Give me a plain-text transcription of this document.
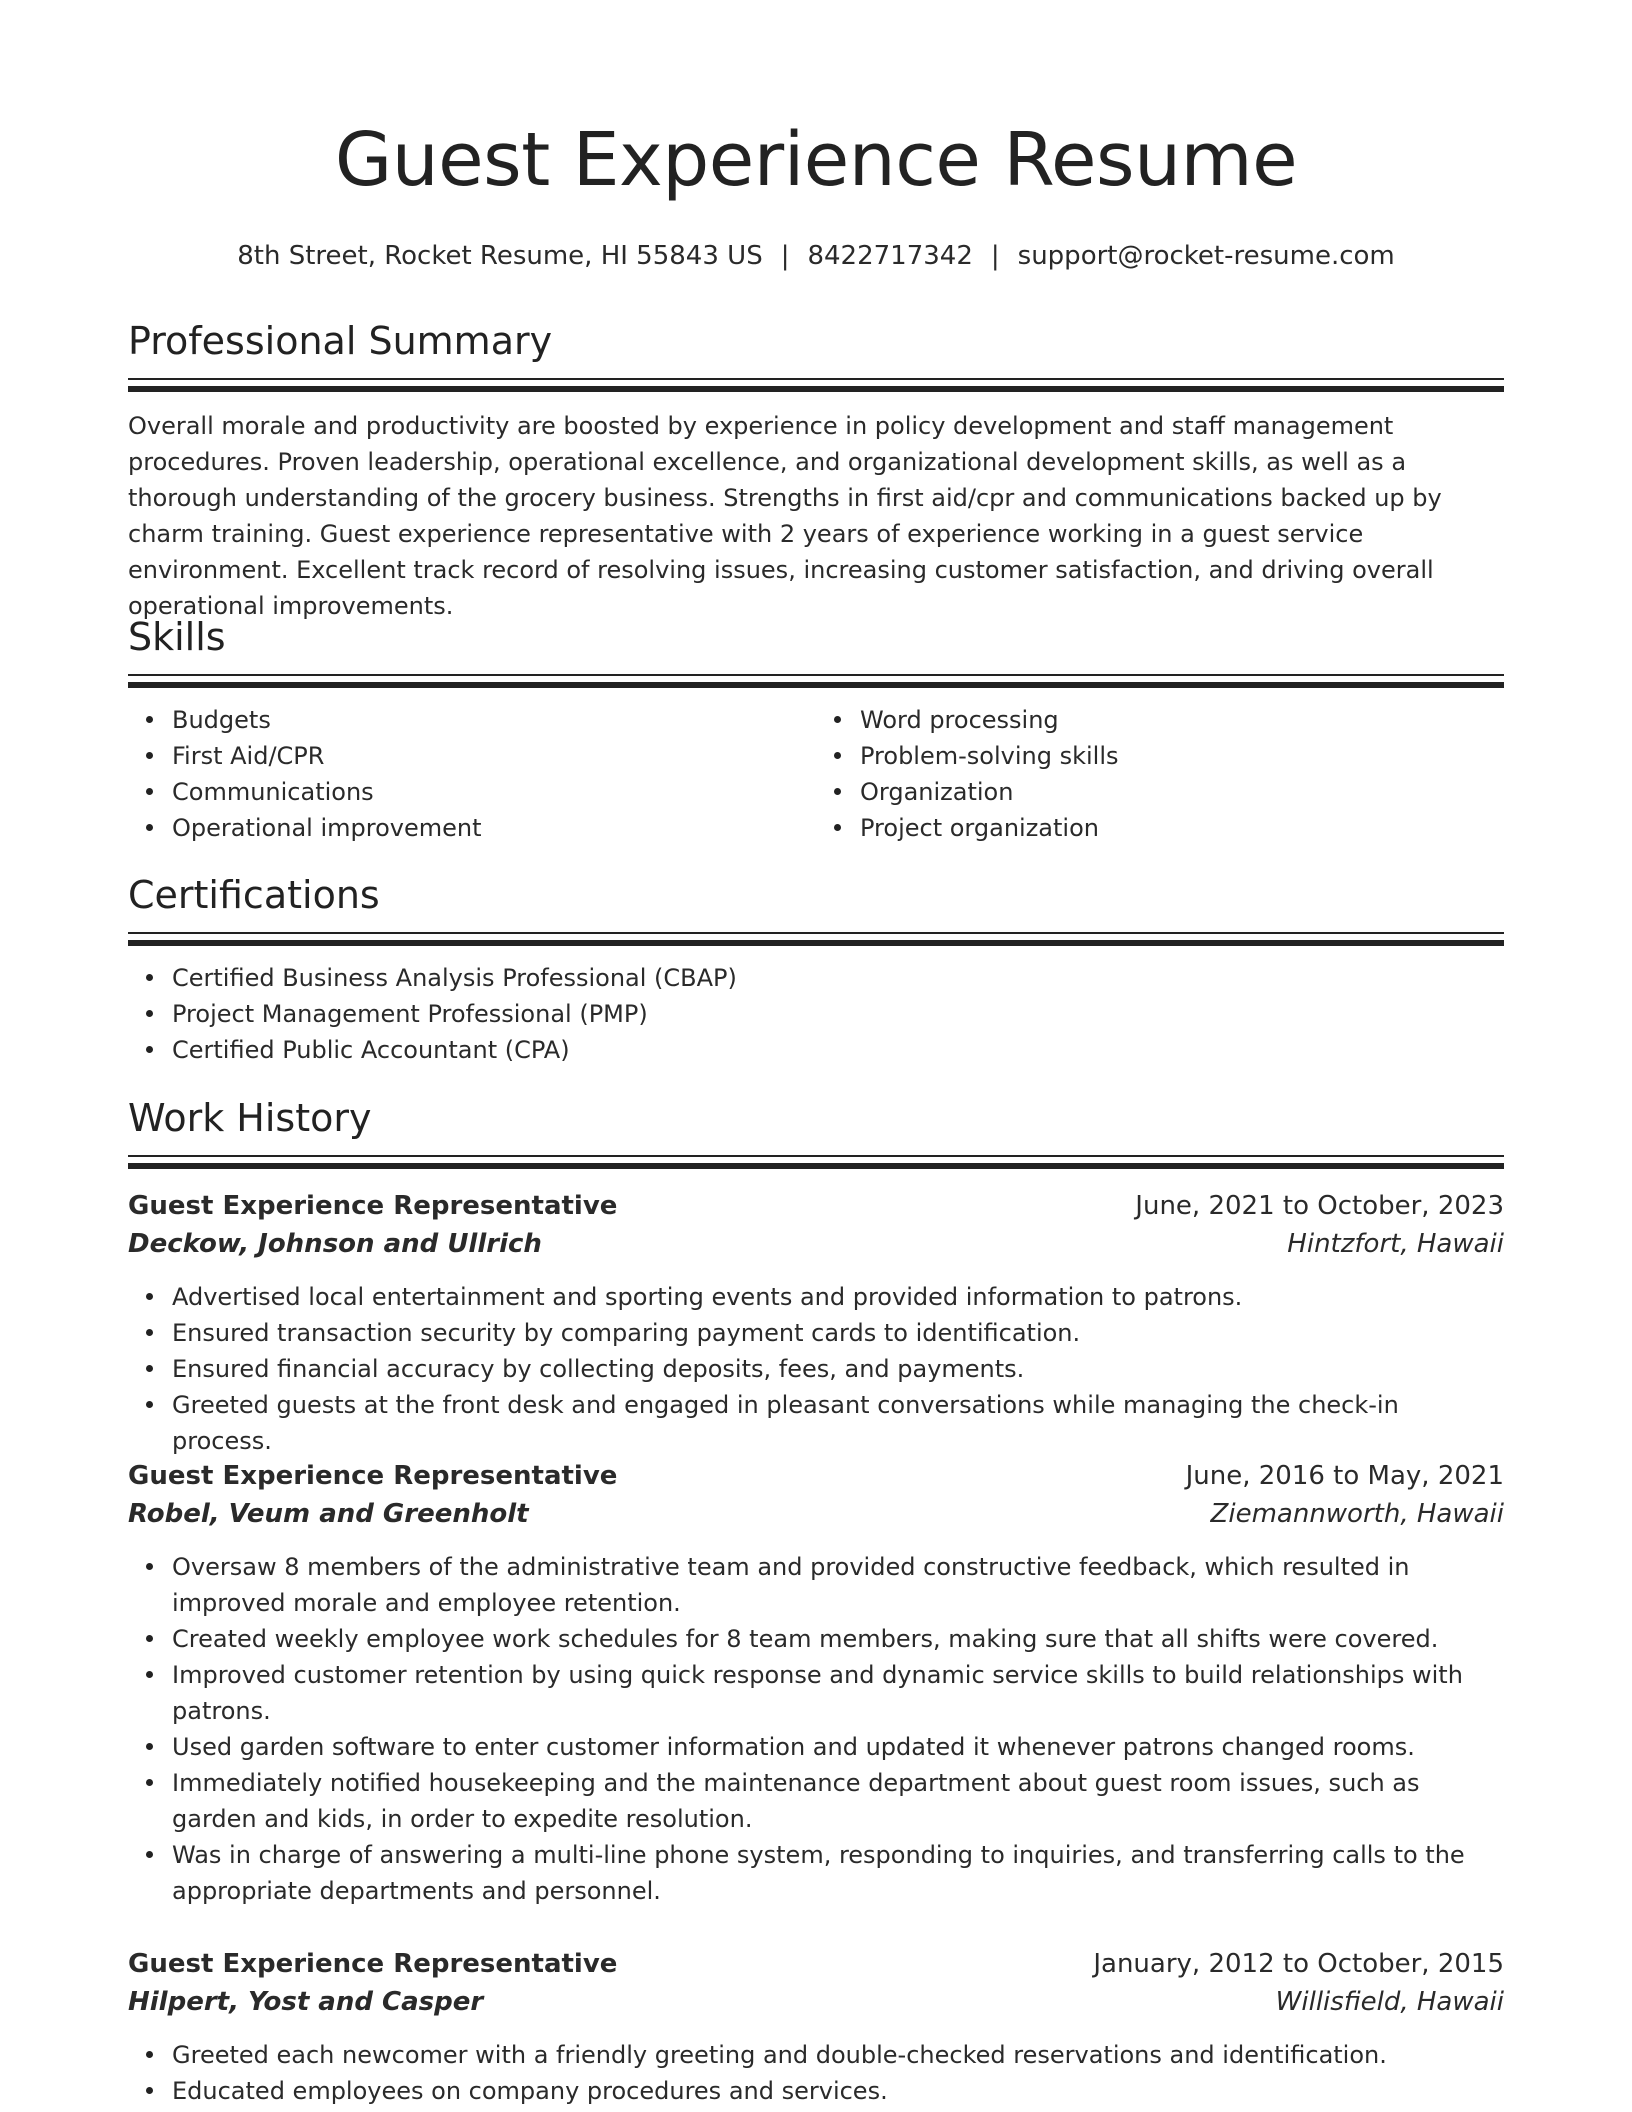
Guest Experience Resume
8th Street, Rocket Resume, HI 55843 US | 8422717342 | support@rocket-resume.com
Professional Summary

Overall morale and productivity are boosted by experience in policy development and staff management procedures. Proven leadership, operational excellence, and organizational development skills, as well as a thorough understanding of the grocery business. Strengths in first aid/cpr and communications backed up by charm training. Guest experience representative with 2 years of experience working in a guest service environment. Excellent track record of resolving issues, increasing customer satisfaction, and driving overall operational improvements.

Skills
Budgets
First Aid/CPR
Communications
Operational improvement
Word processing
Problem-solving skills
Organization
Project organization
Certifications
Certified Business Analysis Professional (CBAP)
Project Management Professional (PMP)
Certified Public Accountant (CPA)
Work History
Guest Experience Representative	June, 2021 to October, 2023
Deckow, Johnson and Ullrich	Hintzfort, Hawaii
Advertised local entertainment and sporting events and provided information to patrons.
Ensured transaction security by comparing payment cards to identification.
Ensured financial accuracy by collecting deposits, fees, and payments.
Greeted guests at the front desk and engaged in pleasant conversations while managing the check-in process.
Guest Experience Representative	June, 2016 to May, 2021
Robel, Veum and Greenholt	Ziemannworth, Hawaii
Oversaw 8 members of the administrative team and provided constructive feedback, which resulted in improved morale and employee retention.
Created weekly employee work schedules for 8 team members, making sure that all shifts were covered.
Improved customer retention by using quick response and dynamic service skills to build relationships with patrons.
Used garden software to enter customer information and updated it whenever patrons changed rooms.
Immediately notified housekeeping and the maintenance department about guest room issues, such as garden and kids, in order to expedite resolution.
Was in charge of answering a multi-line phone system, responding to inquiries, and transferring calls to the appropriate departments and personnel.
Guest Experience Representative	January, 2012 to October, 2015
Hilpert, Yost and Casper	Willisfield, Hawaii
Greeted each newcomer with a friendly greeting and double-checked reservations and identification.
Educated employees on company procedures and services.
